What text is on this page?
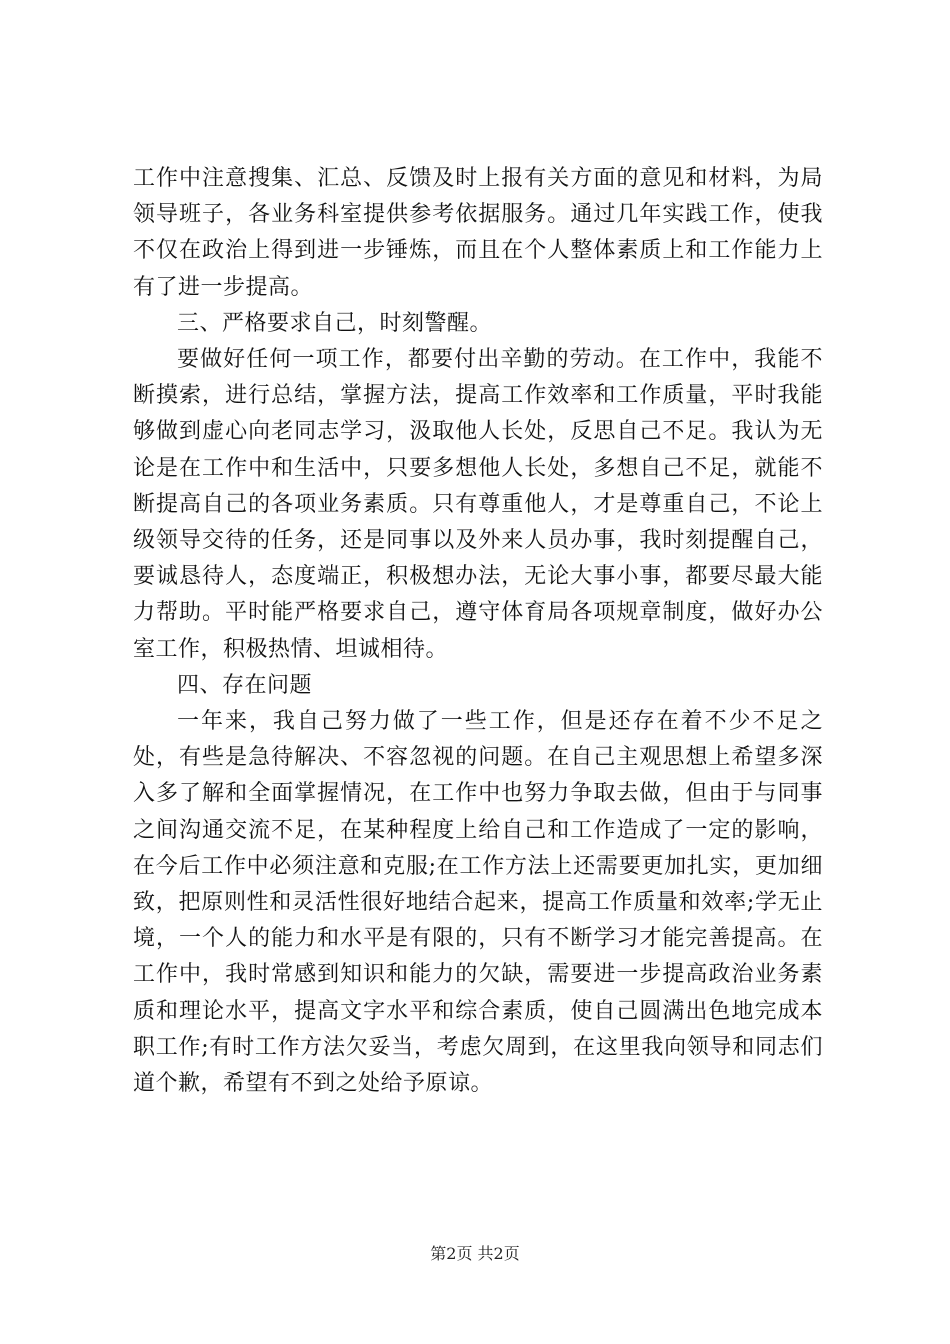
工作中注意搜集、汇总、反馈及时上报有关方面的意见和材料，为局领导班子，各业务科室提供参考依据服务。通过几年实践工作，使我不仅在政治上得到进一步锤炼，而且在个人整体素质上和工作能力上有了进一步提高。

三、严格要求自己，时刻警醒。

要做好任何一项工作，都要付出辛勤的劳动。在工作中，我能不断摸索，进行总结，掌握方法，提高工作效率和工作质量，平时我能够做到虚心向老同志学习，汲取他人长处，反思自己不足。我认为无论是在工作中和生活中，只要多想他人长处，多想自己不足，就能不断提高自己的各项业务素质。只有尊重他人，才是尊重自己，不论上级领导交待的任务，还是同事以及外来人员办事，我时刻提醒自己，要诚恳待人，态度端正，积极想办法，无论大事小事，都要尽最大能力帮助。平时能严格要求自己，遵守体育局各项规章制度，做好办公室工作，积极热情、坦诚相待。

四、存在问题

一年来，我自己努力做了一些工作，但是还存在着不少不足之处，有些是急待解决、不容忽视的问题。在自己主观思想上希望多深入多了解和全面掌握情况，在工作中也努力争取去做，但由于与同事之间沟通交流不足，在某种程度上给自己和工作造成了一定的影响，在今后工作中必须注意和克服;在工作方法上还需要更加扎实，更加细致，把原则性和灵活性很好地结合起来，提高工作质量和效率;学无止境，一个人的能力和水平是有限的，只有不断学习才能完善提高。在工作中，我时常感到知识和能力的欠缺，需要进一步提高政治业务素质和理论水平，提高文字水平和综合素质，使自己圆满出色地完成本职工作;有时工作方法欠妥当，考虑欠周到，在这里我向领导和同志们道个歉，希望有不到之处给予原谅。

第2页 共2页
